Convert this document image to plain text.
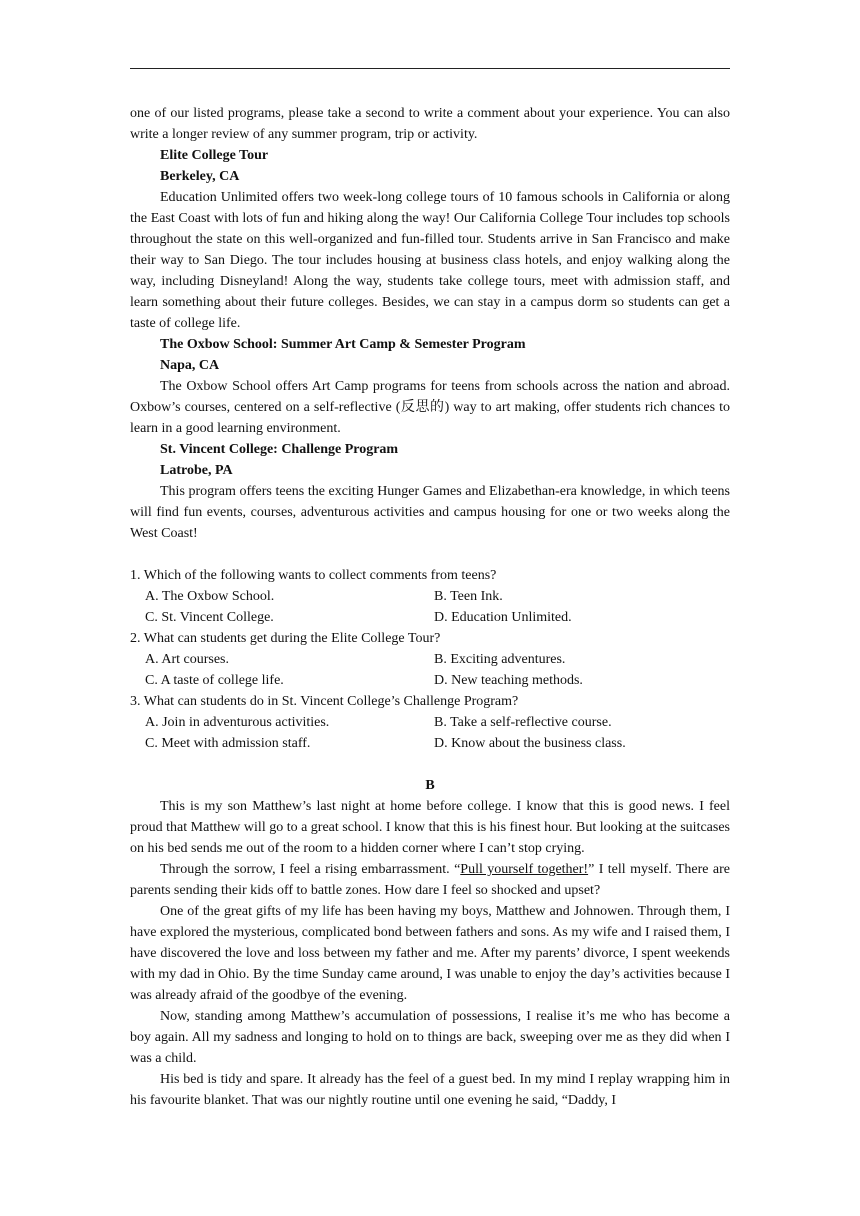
one of our listed programs, please take a second to write a comment about your experience. You can also write a longer review of any summer program, trip or activity.

Elite College Tour

Berkeley, CA

Education Unlimited offers two week-long college tours of 10 famous schools in California or along the East Coast with lots of fun and hiking along the way! Our California College Tour includes top schools throughout the state on this well-organized and fun-filled tour. Students arrive in San Francisco and make their way to San Diego. The tour includes housing at business class hotels, and enjoy walking along the way, including Disneyland! Along the way, students take college tours, meet with admission staff, and learn something about their future colleges. Besides, we can stay in a campus dorm so students can get a taste of college life.

The Oxbow School: Summer Art Camp & Semester Program

Napa, CA

The Oxbow School offers Art Camp programs for teens from schools across the nation and abroad. Oxbow’s courses, centered on a self-reflective (反思的) way to art making, offer students rich chances to learn in a good learning environment.

St. Vincent College: Challenge Program

Latrobe, PA

This program offers teens the exciting Hunger Games and Elizabethan-era knowledge, in which teens will find fun events, courses, adventurous activities and campus housing for one or two weeks along the West Coast!

1. Which of the following wants to collect comments from teens?

A. The Oxbow School.	B. Teen Ink.
C. St. Vincent College.	D. Education Unlimited.

2. What can students get during the Elite College Tour?

A. Art courses.	B. Exciting adventures.
C. A taste of college life.	D. New teaching methods.

3. What can students do in St. Vincent College’s Challenge Program?

A. Join in adventurous activities.	B. Take a self-reflective course.
C. Meet with admission staff.	D. Know about the business class.

B

This is my son Matthew’s last night at home before college. I know that this is good news. I feel proud that Matthew will go to a great school. I know that this is his finest hour. But looking at the suitcases on his bed sends me out of the room to a hidden corner where I can’t stop crying.

Through the sorrow, I feel a rising embarrassment. “Pull yourself together!” I tell myself. There are parents sending their kids off to battle zones. How dare I feel so shocked and upset?

One of the great gifts of my life has been having my boys, Matthew and Johnowen. Through them, I have explored the mysterious, complicated bond between fathers and sons. As my wife and I raised them, I have discovered the love and loss between my father and me. After my parents’ divorce, I spent weekends with my dad in Ohio. By the time Sunday came around, I was unable to enjoy the day’s activities because I was already afraid of the goodbye of the evening.

Now, standing among Matthew’s accumulation of possessions, I realise it’s me who has become a boy again. All my sadness and longing to hold on to things are back, sweeping over me as they did when I was a child.

His bed is tidy and spare. It already has the feel of a guest bed. In my mind I replay wrapping him in his favourite blanket. That was our nightly routine until one evening he said, “Daddy, I
